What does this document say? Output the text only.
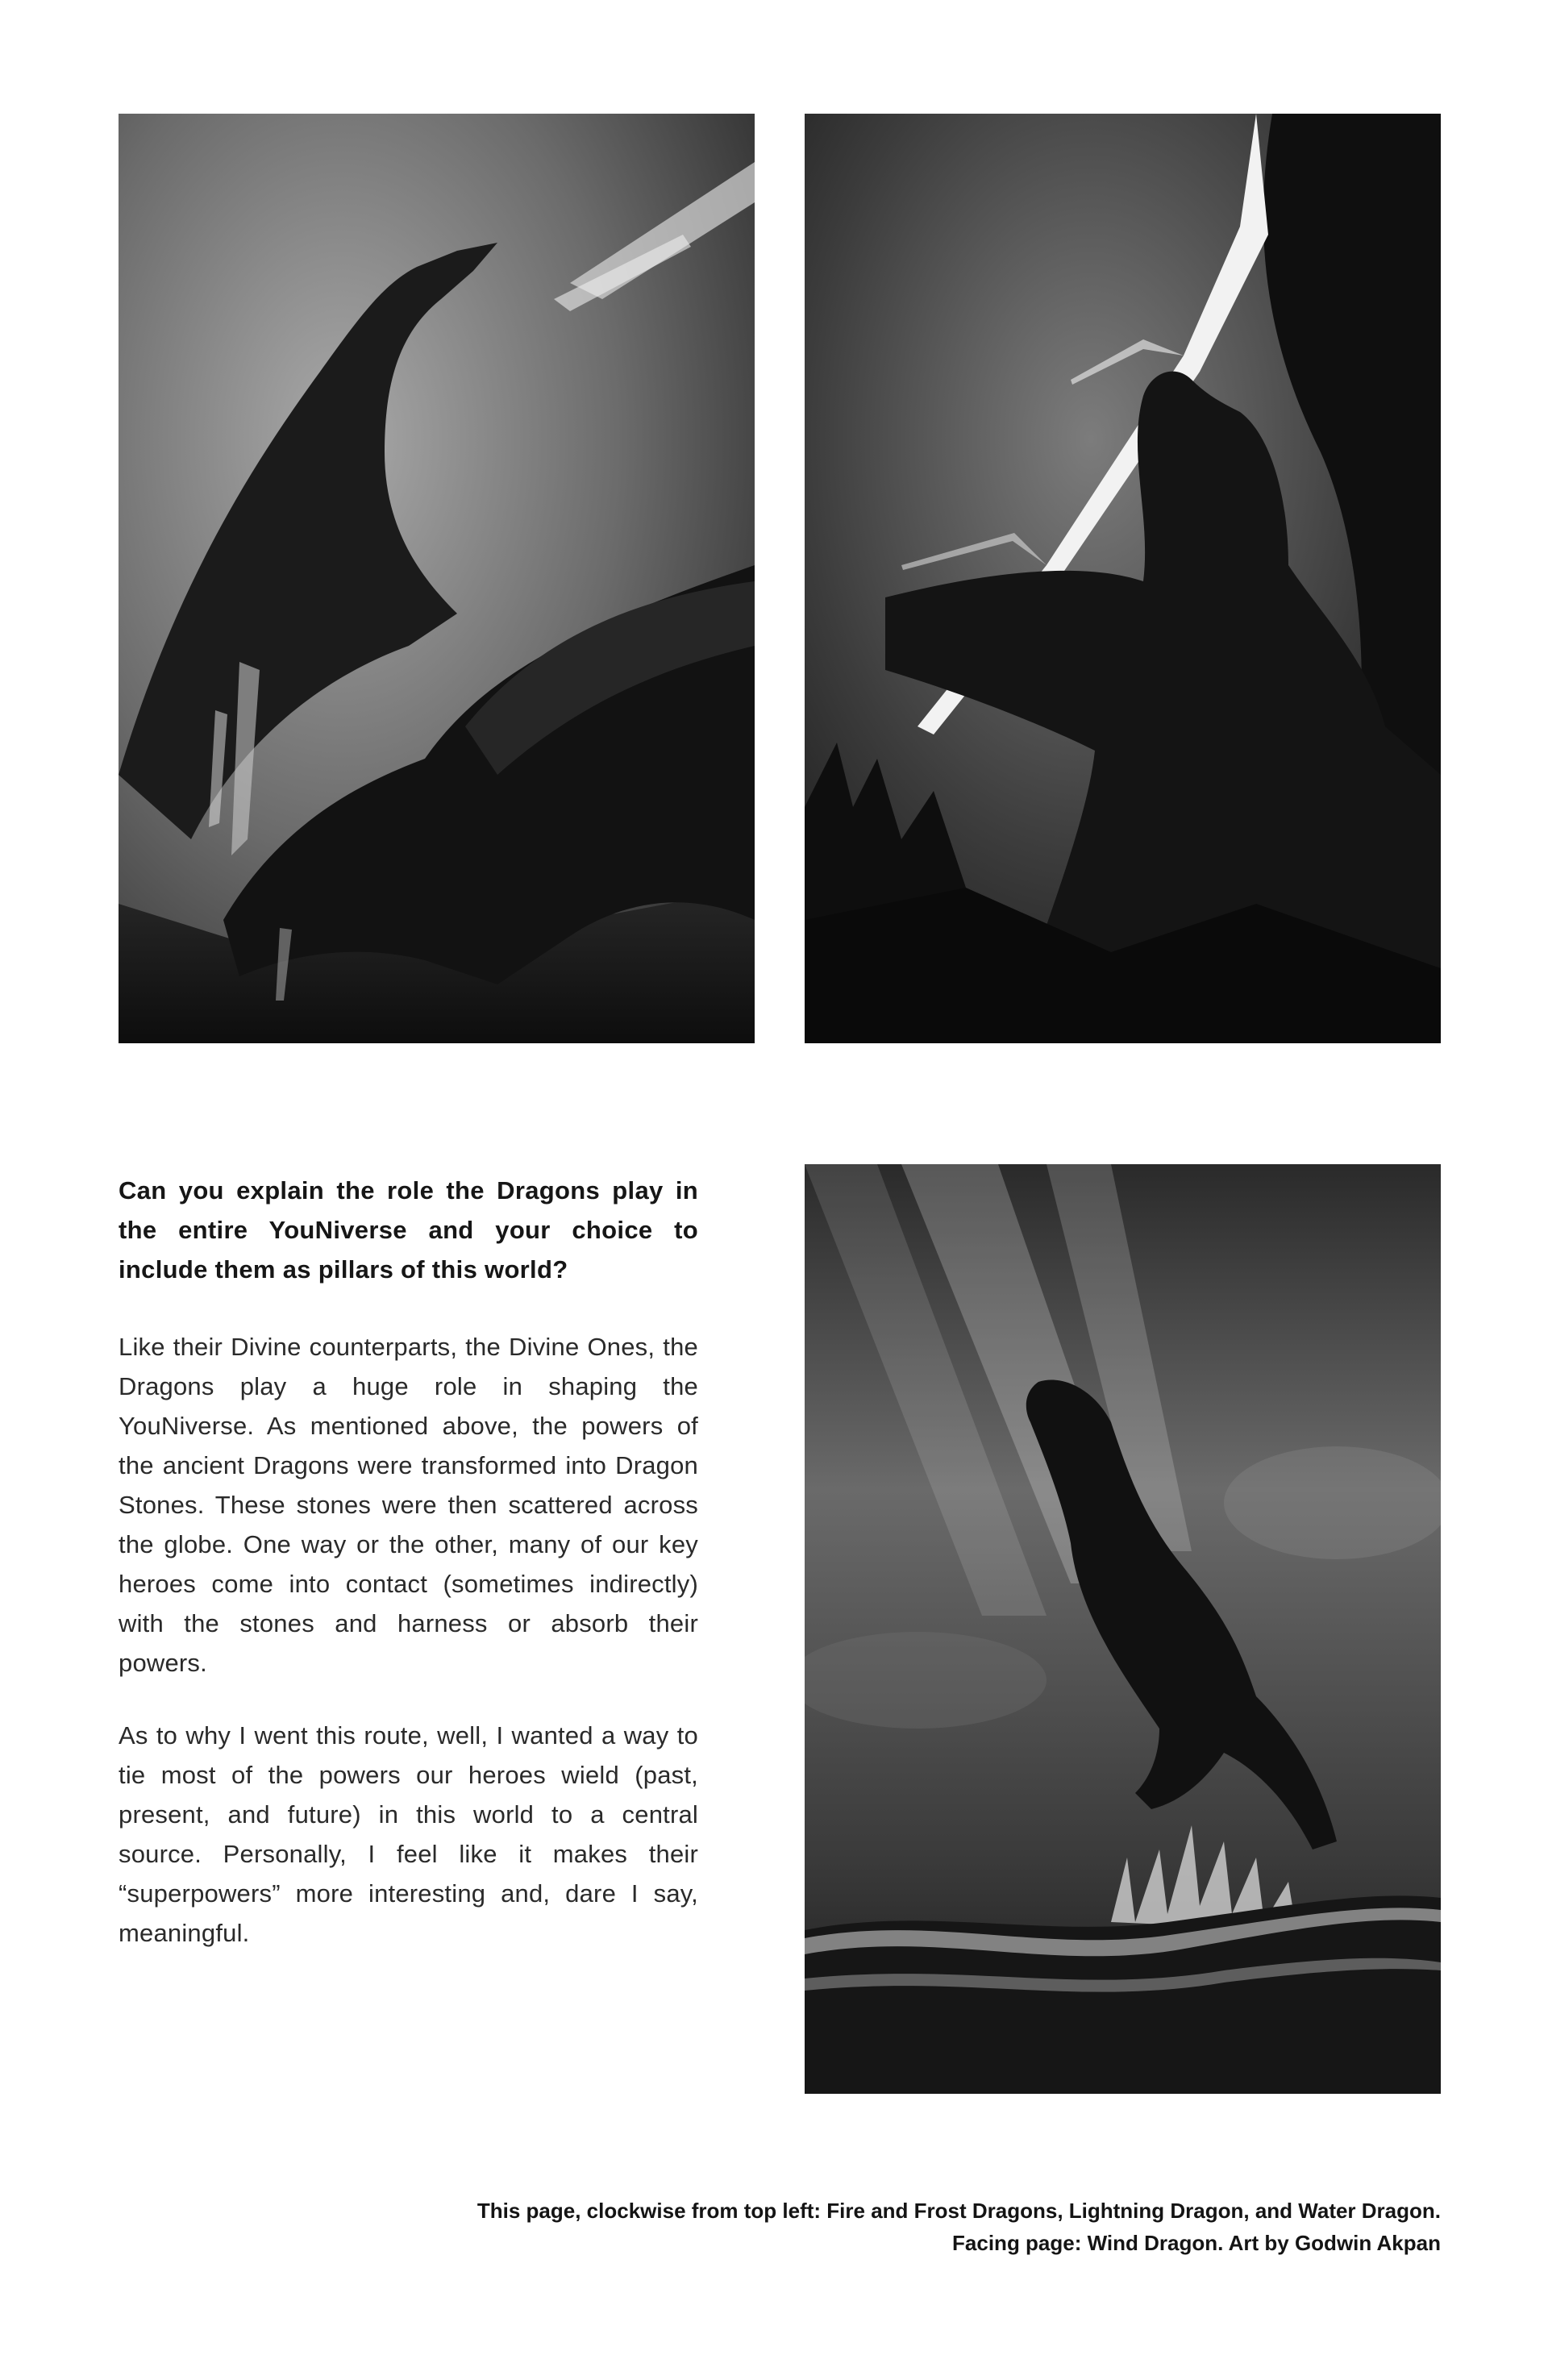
Can you explain the role the Dragons play in the entire YouNiverse and your choice to include them as pillars of this world?

Like their Divine counterparts, the Divine Ones, the Dragons play a huge role in shaping the YouNiverse. As mentioned above, the powers of the ancient Dragons were transformed into Dragon Stones. These stones were then scattered across the globe. One way or the other, many of our key heroes come into contact (sometimes indirectly) with the stones and harness or absorb their powers.

As to why I went this route, well, I wanted a way to tie most of the powers our heroes wield (past, present, and future) in this world to a central source. Personally, I feel like it makes their “superpowers” more interesting and, dare I say, meaningful.

This page, clockwise from top left: Fire and Frost Dragons, Lightning Dragon, and Water Dragon.

Facing page: Wind Dragon. Art by Godwin Akpan
